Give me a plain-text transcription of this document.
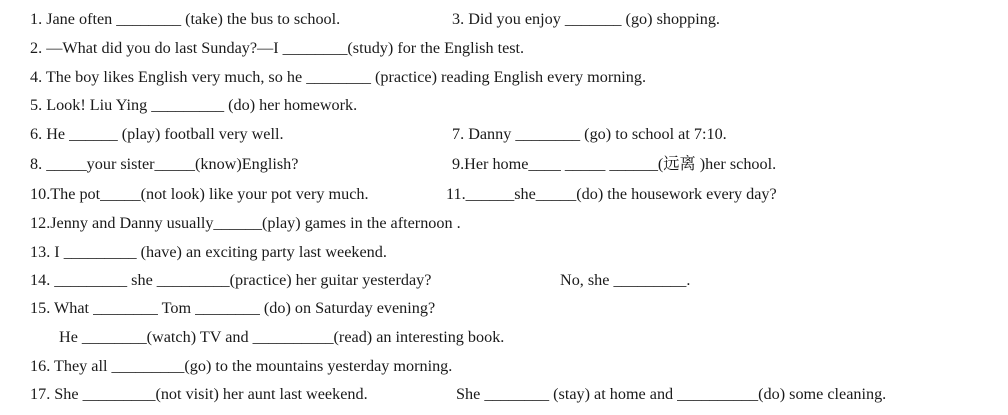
1. Jane often ________ (take) the bus to school.	3. Did you enjoy _______ (go) shopping.
2. —What did you do last Sunday?—I ________(study) for the English test.
4. The boy likes English very much, so he ________ (practice) reading English every morning.
5. Look! Liu Ying _________ (do) her homework.
6. He ______ (play) football very well.	7. Danny ________ (go) to school at 7:10.
8. _____your sister_____(know)English?	9.Her home____ _____ ______(远离 )her school.
10.The pot_____(not look) like your pot very much.	11.______she_____(do) the housework every day?
12.Jenny and Danny usually______(play) games in the afternoon .
13. I _________ (have) an exciting party last weekend.
14. _________ she _________(practice) her guitar yesterday?	No, she _________.
15. What ________ Tom ________ (do) on Saturday evening?
He ________(watch) TV and __________(read) an interesting book.
16. They all _________(go) to the mountains yesterday morning.
17. She _________(not visit) her aunt last weekend.	She ________ (stay) at home and __________(do) some cleaning.
